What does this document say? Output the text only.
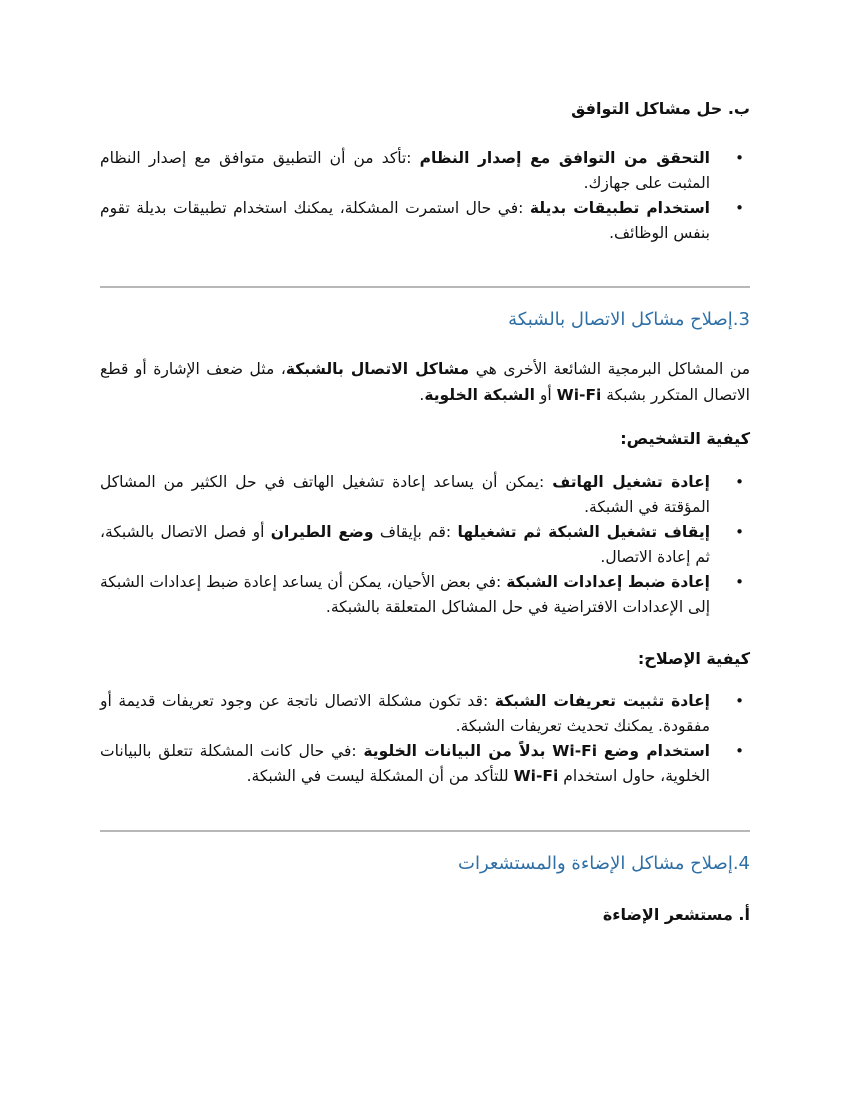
ب. حل مشاكل التوافق
•
التحقق من التوافق مع إصدار النظام :تأكد من أن التطبيق متوافق مع إصدار النظام المثبت على جهازك.
•
استخدام تطبيقات بديلة :في حال استمرت المشكلة، يمكنك استخدام تطبيقات بديلة تقوم بنفس الوظائف.
3.إصلاح مشاكل الاتصال بالشبكة
من المشاكل البرمجية الشائعة الأخرى هي مشاكل الاتصال بالشبكة، مثل ضعف الإشارة أو قطع الاتصال المتكرر بشبكة Wi-Fi أو الشبكة الخلوية.
كيفية التشخيص:
•
إعادة تشغيل الهاتف :يمكن أن يساعد إعادة تشغيل الهاتف في حل الكثير من المشاكل المؤقتة في الشبكة.
•
إيقاف تشغيل الشبكة ثم تشغيلها :قم بإيقاف وضع الطيران أو فصل الاتصال بالشبكة، ثم إعادة الاتصال.
•
إعادة ضبط إعدادات الشبكة :في بعض الأحيان، يمكن أن يساعد إعادة ضبط إعدادات الشبكة إلى الإعدادات الافتراضية في حل المشاكل المتعلقة بالشبكة.
كيفية الإصلاح:
•
إعادة تثبيت تعريفات الشبكة :قد تكون مشكلة الاتصال ناتجة عن وجود تعريفات قديمة أو مفقودة. يمكنك تحديث تعريفات الشبكة.
•
استخدام وضع Wi-Fi بدلاً من البيانات الخلوية :في حال كانت المشكلة تتعلق بالبيانات الخلوية، حاول استخدام Wi-Fi للتأكد من أن المشكلة ليست في الشبكة.
4.إصلاح مشاكل الإضاءة والمستشعرات
أ. مستشعر الإضاءة
